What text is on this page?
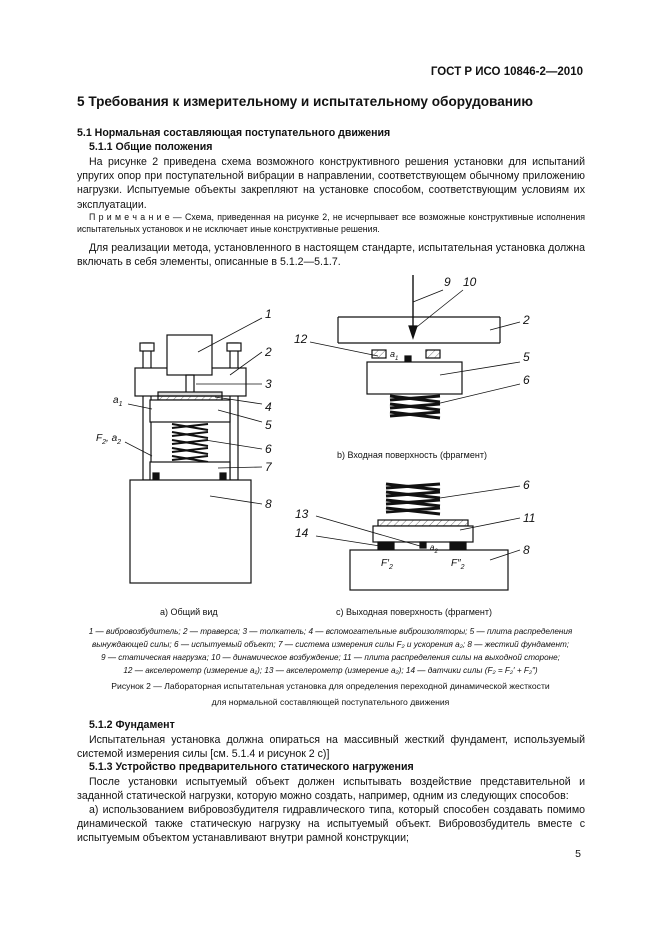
ГОСТ Р ИСО 10846-2—2010
5 Требования к измерительному и испытательному оборудованию
5.1 Нормальная составляющая поступательного движения
5.1.1 Общие положения
На рисунке 2 приведена схема возможного конструктивного решения установки для испытаний упругих опор при поступательной вибрации в направлении, соответствующем обычному приложению нагрузки. Испытуемые объекты закрепляют на установке способом, соответствующим условиям их эксплуатации.
П р и м е ч а н и е — Схема, приведенная на рисунке 2, не исчерпывает все возможные конструктивные исполнения испытательных установок и не исключает иные конструктивные решения.
Для реализации метода, установленного в настоящем стандарте, испытательная установка должна включать в себя элементы, описанные в 5.1.2—5.1.7.
1
2
3
4
5
6
7
8
$a_1$
$F_2$, $a_2$
9 10
2
12
5
6
$a_1$
6
11
13
14
8
$a_2$
$F'_2$	$F''_2$
b) Входная поверхность (фрагмент)
а) Общий вид	с) Выходная поверхность (фрагмент)
1 — вибровозбудитель; 2 — траверса; 3 — толкатель; 4 — вспомогательные виброизоляторы; 5 — плита распределения вынуждающей силы; 6 — испытуемый объект; 7 — система измерения силы F₂ и ускорения a₂; 8 — жесткий фундамент;
9 — статическая нагрузка; 10 — динамическое возбуждение; 11 — плита распределения силы на выходной стороне;
12 — акселерометр (измерение a₁); 13 — акселерометр (измерение a₂); 14 — датчики силы (F₂ = F₂′ + F₂″)
Рисунок 2 — Лабораторная испытательная установка для определения переходной динамической жесткости
для нормальной составляющей поступательного движения
5.1.2 Фундамент
Испытательная установка должна опираться на массивный жесткий фундамент, используемый системой измерения силы [см. 5.1.4 и рисунок 2 с)]
5.1.3 Устройство предварительного статического нагружения
После установки испытуемый объект должен испытывать воздействие представительной и заданной статической нагрузки, которую можно создать, например, одним из следующих способов:
а) использованием вибровозбудителя гидравлического типа, который способен создавать помимо динамической также статическую нагрузку на испытуемый объект. Вибровозбудитель вместе с испытуемым объектом устанавливают внутри рамной конструкции;
5
